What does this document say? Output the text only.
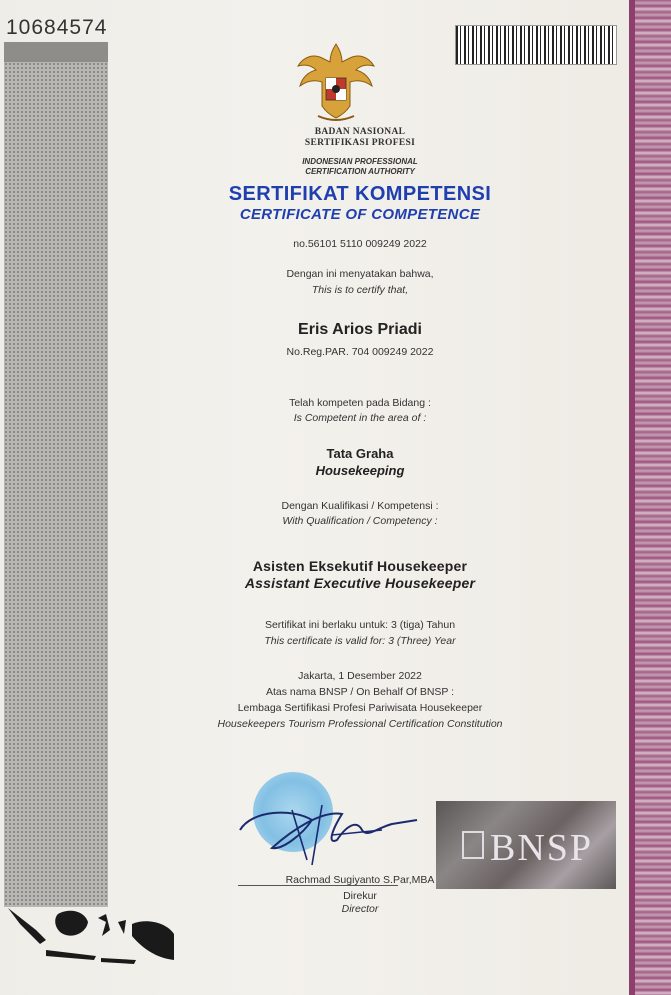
10684574
BADAN NASIONAL
SERTIFIKASI PROFESI
INDONESIAN PROFESSIONAL
CERTIFICATION AUTHORITY
SERTIFIKAT KOMPETENSI
CERTIFICATE OF COMPETENCE
no.56101 5110 009249 2022
Dengan ini menyatakan bahwa,
This is to certify that,
Eris Arios Priadi
No.Reg.PAR. 704 009249 2022
Telah kompeten pada Bidang :
Is Competent in the area of :
Tata Graha
Housekeeping
Dengan Kualifikasi / Kompetensi :
With Qualification / Competency :
Asisten Eksekutif Housekeeper
Assistant Executive Housekeeper
Sertifikat ini berlaku untuk: 3 (tiga) Tahun
This certificate is valid for: 3 (Three) Year
Jakarta, 1 Desember 2022
Atas nama BNSP / On Behalf Of BNSP :
Lembaga Sertifikasi Profesi Pariwisata Housekeeper
Housekeepers Tourism Professional Certification Constitution
Rachmad Sugiyanto S.Par,MBA
Direkur
Director
BNSP
